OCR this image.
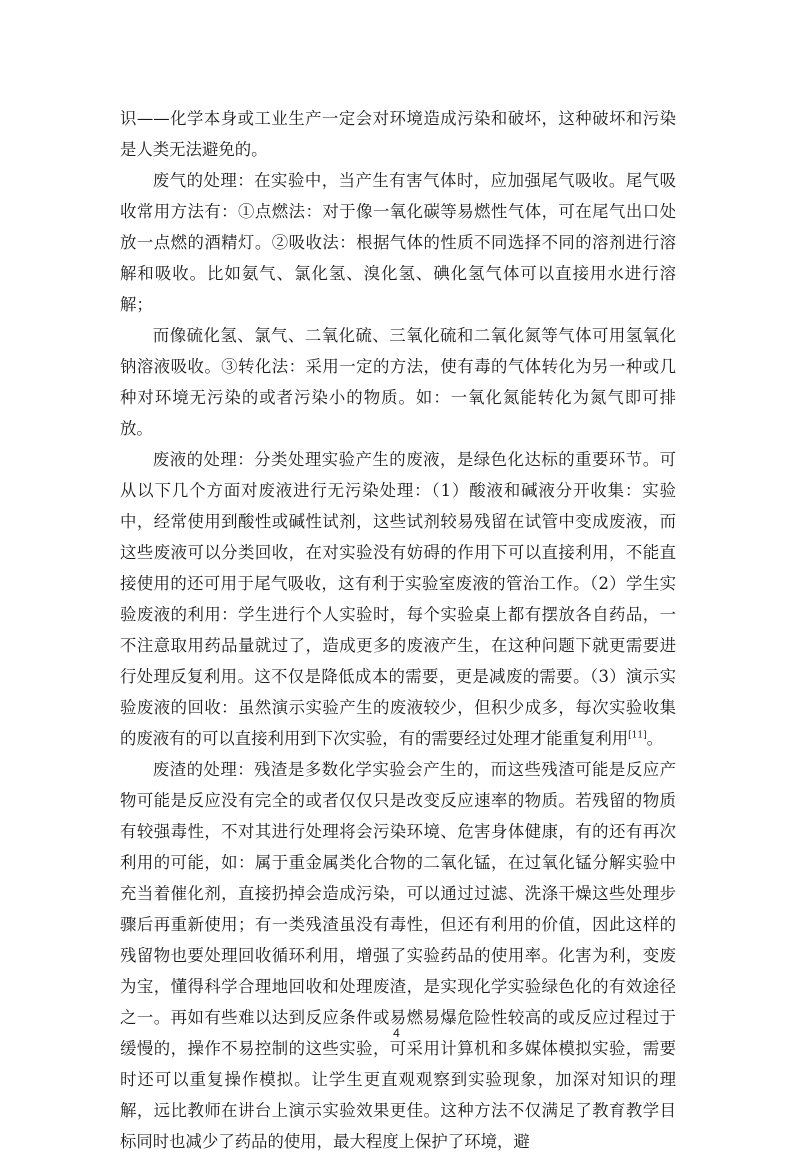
识——化学本身或工业生产一定会对环境造成污染和破坏，这种破坏和污染是人类无法避免的。

废气的处理：在实验中，当产生有害气体时，应加强尾气吸收。尾气吸收常用方法有：①点燃法：对于像一氧化碳等易燃性气体，可在尾气出口处放一点燃的酒精灯。②吸收法：根据气体的性质不同选择不同的溶剂进行溶解和吸收。比如氨气、氯化氢、溴化氢、碘化氢气体可以直接用水进行溶解；

而像硫化氢、氯气、二氧化硫、三氧化硫和二氧化氮等气体可用氢氧化钠溶液吸收。③转化法：采用一定的方法，使有毒的气体转化为另一种或几种对环境无污染的或者污染小的物质。如：一氧化氮能转化为氮气即可排放。

废液的处理：分类处理实验产生的废液，是绿色化达标的重要环节。可从以下几个方面对废液进行无污染处理：（1）酸液和碱液分开收集：实验中，经常使用到酸性或碱性试剂，这些试剂较易残留在试管中变成废液，而这些废液可以分类回收，在对实验没有妨碍的作用下可以直接利用，不能直接使用的还可用于尾气吸收，这有利于实验室废液的管治工作。（2）学生实验废液的利用：学生进行个人实验时，每个实验桌上都有摆放各自药品，一不注意取用药品量就过了，造成更多的废液产生，在这种问题下就更需要进行处理反复利用。这不仅是降低成本的需要，更是减废的需要。（3）演示实验废液的回收：虽然演示实验产生的废液较少，但积少成多，每次实验收集的废液有的可以直接利用到下次实验，有的需要经过处理才能重复利用[11]。

废渣的处理：残渣是多数化学实验会产生的，而这些残渣可能是反应产物可能是反应没有完全的或者仅仅只是改变反应速率的物质。若残留的物质有较强毒性，不对其进行处理将会污染环境、危害身体健康，有的还有再次利用的可能，如：属于重金属类化合物的二氧化锰，在过氧化锰分解实验中充当着催化剂，直接扔掉会造成污染，可以通过过滤、洗涤干燥这些处理步骤后再重新使用；有一类残渣虽没有毒性，但还有利用的价值，因此这样的残留物也要处理回收循环利用，增强了实验药品的使用率。化害为利，变废为宝，懂得科学合理地回收和处理废渣，是实现化学实验绿色化的有效途径之一。再如有些难以达到反应条件或易燃易爆危险性较高的或反应过程过于缓慢的，操作不易控制的这些实验，可采用计算机和多媒体模拟实验，需要时还可以重复操作模拟。让学生更直观观察到实验现象，加深对知识的理解，远比教师在讲台上演示实验效果更佳。这种方法不仅满足了教育教学目标同时也减少了药品的使用，最大程度上保护了环境，避

4
